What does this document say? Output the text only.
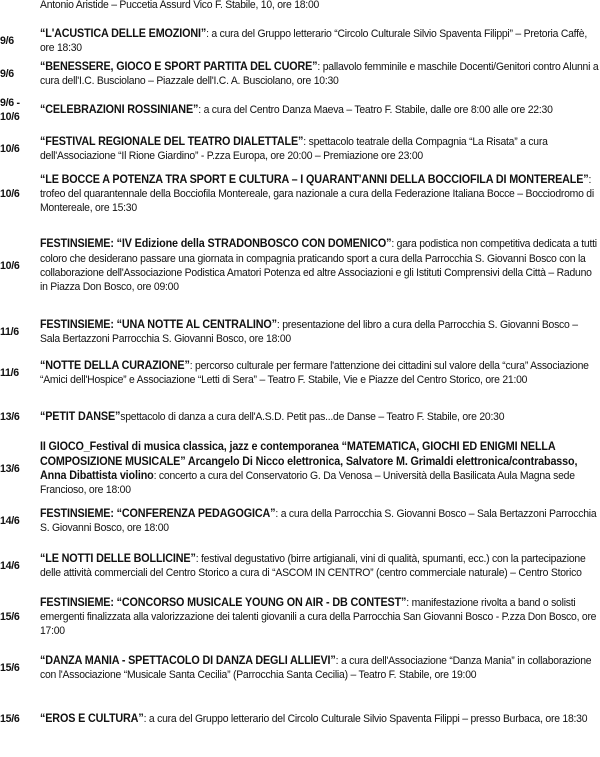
Antonio Aristide – Puccetia Assurd Vico F. Stabile, 10, ore 18:00
9/6
“L'ACUSTICA DELLE EMOZIONI”: a cura del Gruppo letterario “Circolo Culturale Silvio Spaventa Filippi” – Pretoria Caffè, ore 18:30
9/6
“BENESSERE, GIOCO E SPORT PARTITA DEL CUORE”: pallavolo femminile e maschile Docenti/Genitori contro Alunni a cura dell'I.C. Busciolano – Piazzale dell'I.C. A. Busciolano, ore 10:30
9/6 - 10/6
“CELEBRAZIONI ROSSINIANE”: a cura del Centro Danza Maeva – Teatro F. Stabile, dalle ore 8:00 alle ore 22:30
10/6
“FESTIVAL REGIONALE DEL TEATRO DIALETTALE”: spettacolo teatrale della Compagnia “La Risata” a cura dell'Associazione “Il Rione Giardino” - P.zza Europa, ore 20:00 – Premiazione ore 23:00
10/6
“LE BOCCE A POTENZA TRA SPORT E CULTURA – I QUARANT'ANNI DELLA BOCCIOFILA DI MONTEREALE”: trofeo del quarantennale della Bocciofila Montereale, gara nazionale a cura della Federazione Italiana Bocce – Bocciodromo di Montereale, ore 15:30
10/6
FESTINSIEME: “IV Edizione della STRADONBOSCO CON DOMENICO”: gara podistica non competitiva dedicata a tutti coloro che desiderano passare una giornata in compagnia praticando sport a cura della Parrocchia S. Giovanni Bosco con la collaborazione dell'Associazione Podistica Amatori Potenza ed altre Associazioni e gli Istituti Comprensivi della Città – Raduno in Piazza Don Bosco, ore 09:00
11/6
FESTINSIEME: “UNA NOTTE AL CENTRALINO”: presentazione del libro a cura della Parrocchia S. Giovanni Bosco – Sala Bertazzoni Parrocchia S. Giovanni Bosco, ore 18:00
11/6
“NOTTE DELLA CURAZIONE”: percorso culturale per fermare l'attenzione dei cittadini sul valore della “cura” Associazione “Amici dell'Hospice” e Associazione “Letti di Sera” – Teatro F. Stabile, Vie e Piazze del Centro Storico, ore 21:00
13/6	“PETIT DANSE”spettacolo di danza a cura dell'A.S.D. Petit pas...de Danse – Teatro F. Stabile, ore 20:30
13/6
II GIOCO_Festival di musica classica, jazz e contemporanea “MATEMATICA, GIOCHI ED ENIGMI NELLA COMPOSIZIONE MUSICALE” Arcangelo Di Nicco elettronica, Salvatore M. Grimaldi elettronica/contrabasso, Anna Dibattista violino: concerto a cura del Conservatorio G. Da Venosa – Università della Basilicata Aula Magna sede Francioso, ore 18:00
14/6
FESTINSIEME: “CONFERENZA PEDAGOGICA”: a cura della Parrocchia S. Giovanni Bosco – Sala Bertazzoni Parrocchia S. Giovanni Bosco, ore 18:00
14/6
“LE NOTTI DELLE BOLLICINE”: festival degustativo (birre artigianali, vini di qualità, spumanti, ecc.) con la partecipazione delle attività commerciali del Centro Storico a cura di “ASCOM IN CENTRO” (centro commerciale naturale) – Centro Storico
15/6
FESTINSIEME: “CONCORSO MUSICALE YOUNG ON AIR - DB CONTEST”: manifestazione rivolta a band o solisti emergenti finalizzata alla valorizzazione dei talenti giovanili a cura della Parrocchia San Giovanni Bosco - P.zza Don Bosco, ore 17:00
15/6
“DANZA MANIA - SPETTACOLO DI DANZA DEGLI ALLIEVI”: a cura dell'Associazione “Danza Mania” in collaborazione con l'Associazione “Musicale Santa Cecilia” (Parrocchia Santa Cecilia) – Teatro F. Stabile, ore 19:00
15/6	“EROS E CULTURA”: a cura del Gruppo letterario del Circolo Culturale Silvio Spaventa Filippi – presso Burbaca, ore 18:30
